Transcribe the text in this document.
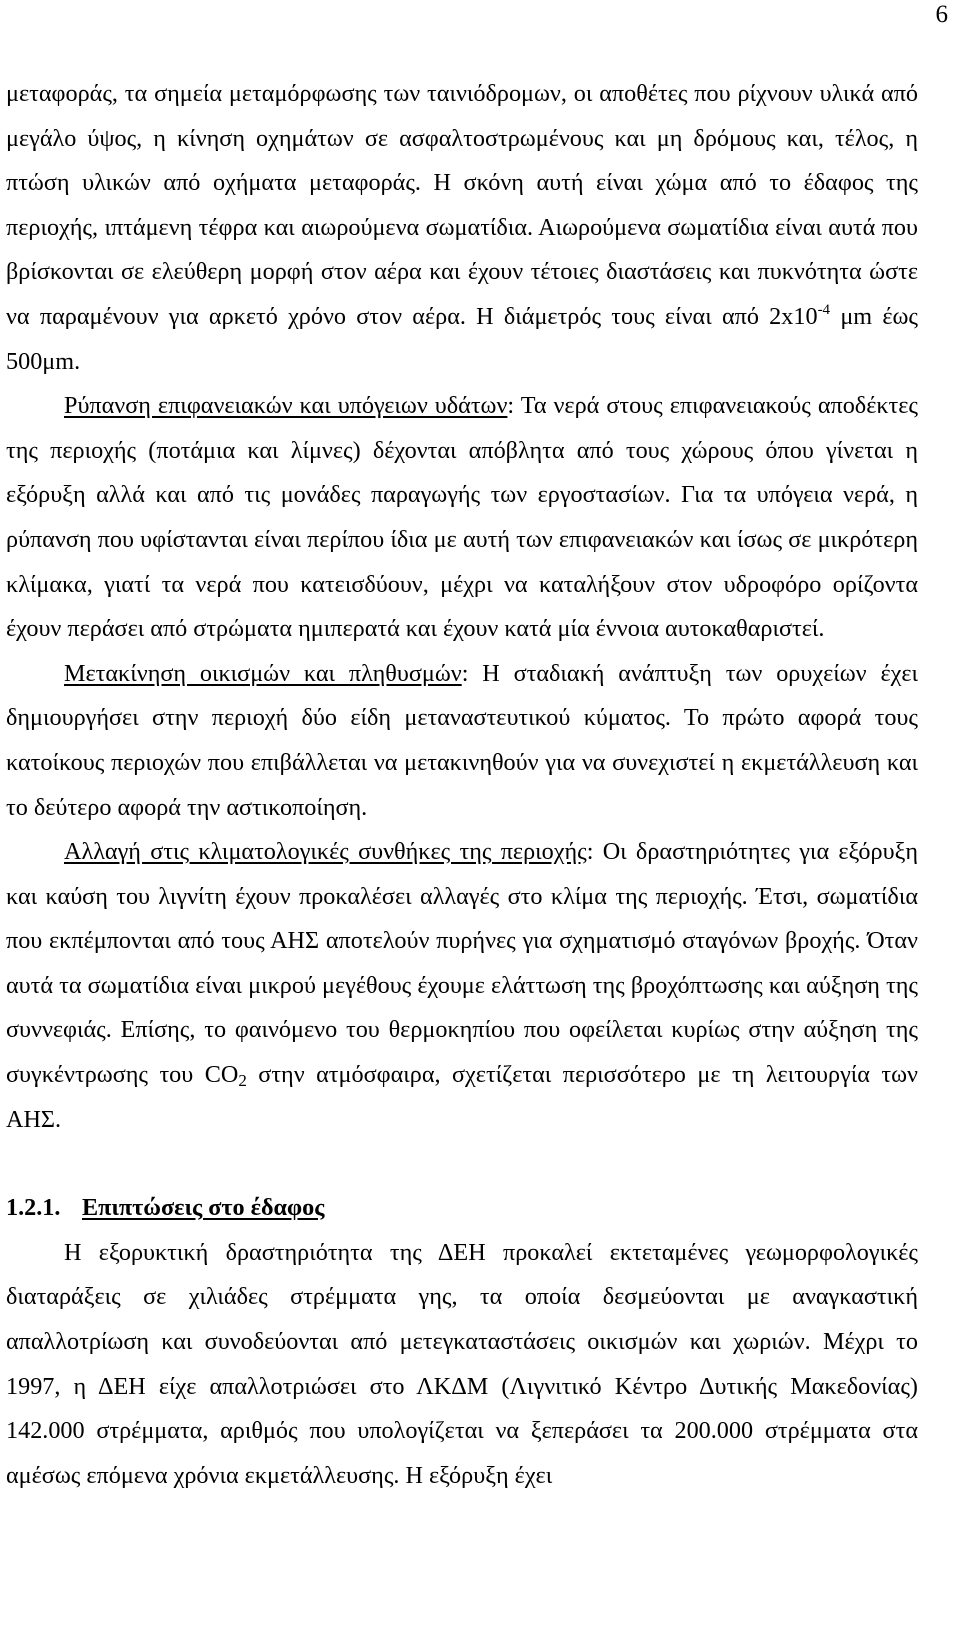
6

μεταφοράς, τα σημεία μεταμόρφωσης των ταινιόδρομων, οι αποθέτες που ρίχνουν υλικά από μεγάλο ύψος, η κίνηση οχημάτων σε ασφαλτοστρωμένους και μη δρόμους και, τέλος, η πτώση υλικών από οχήματα μεταφοράς. Η σκόνη αυτή είναι χώμα από το έδαφος της περιοχής, ιπτάμενη τέφρα και αιωρούμενα σωματίδια. Αιωρούμενα σωματίδια είναι αυτά που βρίσκονται σε ελεύθερη μορφή στον αέρα και έχουν τέτοιες διαστάσεις και πυκνότητα ώστε να παραμένουν για αρκετό χρόνο στον αέρα. Η διάμετρός τους είναι από $2x10^{-4}$ μm έως 500μm.

Ρύπανση επιφανειακών και υπόγειων υδάτων: Τα νερά στους επιφανειακούς αποδέκτες της περιοχής (ποτάμια και λίμνες) δέχονται απόβλητα από τους χώρους όπου γίνεται η εξόρυξη αλλά και από τις μονάδες παραγωγής των εργοστασίων. Για τα υπόγεια νερά, η ρύπανση που υφίστανται είναι περίπου ίδια με αυτή των επιφανειακών και ίσως σε μικρότερη κλίμακα, γιατί τα νερά που κατεισδύουν, μέχρι να καταλήξουν στον υδροφόρο ορίζοντα έχουν περάσει από στρώματα ημιπερατά και έχουν κατά μία έννοια αυτοκαθαριστεί.

Μετακίνηση οικισμών και πληθυσμών: Η σταδιακή ανάπτυξη των ορυχείων έχει δημιουργήσει στην περιοχή δύο είδη μεταναστευτικού κύματος. Το πρώτο αφορά τους κατοίκους περιοχών που επιβάλλεται να μετακινηθούν για να συνεχιστεί η εκμετάλλευση και το δεύτερο αφορά την αστικοποίηση.

Αλλαγή στις κλιματολογικές συνθήκες της περιοχής: Οι δραστηριότητες για εξόρυξη και καύση του λιγνίτη έχουν προκαλέσει αλλαγές στο κλίμα της περιοχής. Έτσι, σωματίδια που εκπέμπονται από τους ΑΗΣ αποτελούν πυρήνες για σχηματισμό σταγόνων βροχής. Όταν αυτά τα σωματίδια είναι μικρού μεγέθους έχουμε ελάττωση της βροχόπτωσης και αύξηση της συννεφιάς. Επίσης, το φαινόμενο του θερμοκηπίου που οφείλεται κυρίως στην αύξηση της συγκέντρωσης του $CO_2$ στην ατμόσφαιρα, σχετίζεται περισσότερο με τη λειτουργία των ΑΗΣ.

1.2.1. Επιπτώσεις στο έδαφος

Η εξορυκτική δραστηριότητα της ΔΕΗ προκαλεί εκτεταμένες γεωμορφολογικές διαταράξεις σε χιλιάδες στρέμματα γης, τα οποία δεσμεύονται με αναγκαστική απαλλοτρίωση και συνοδεύονται από μετεγκαταστάσεις οικισμών και χωριών. Μέχρι το 1997, η ΔΕΗ είχε απαλλοτριώσει στο ΛΚΔΜ (Λιγνιτικό Κέντρο Δυτικής Μακεδονίας) 142.000 στρέμματα, αριθμός που υπολογίζεται να ξεπεράσει τα 200.000 στρέμματα στα αμέσως επόμενα χρόνια εκμετάλλευσης. Η εξόρυξη έχει
